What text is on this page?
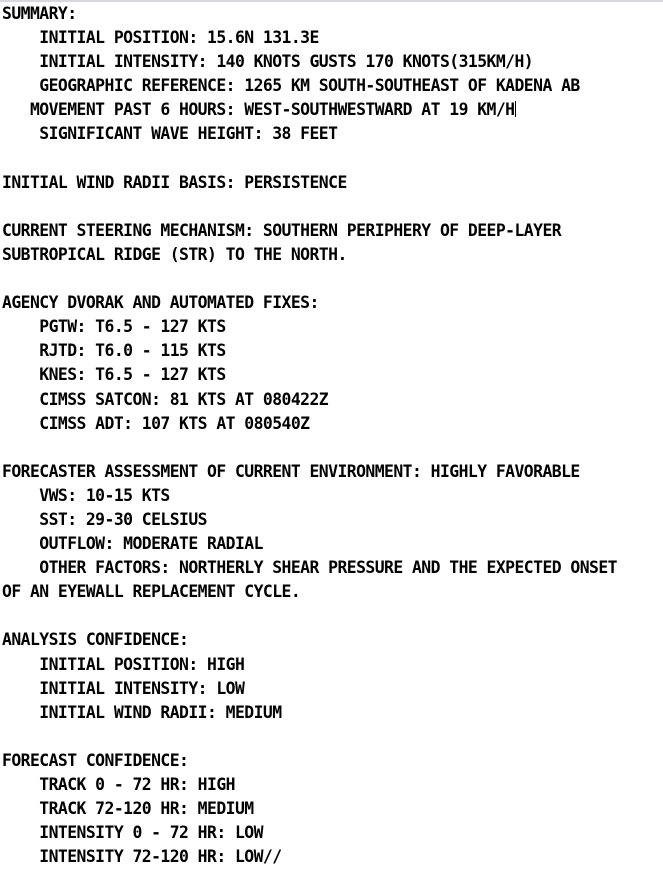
SUMMARY:
INITIAL POSITION: 15.6N 131.3E
INITIAL INTENSITY: 140 KNOTS GUSTS 170 KNOTS(315KM/H)
GEOGRAPHIC REFERENCE: 1265 KM SOUTH-SOUTHEAST OF KADENA AB
MOVEMENT PAST 6 HOURS: WEST-SOUTHWESTWARD AT 19 KM/H
SIGNIFICANT WAVE HEIGHT: 38 FEET
INITIAL WIND RADII BASIS: PERSISTENCE
CURRENT STEERING MECHANISM: SOUTHERN PERIPHERY OF DEEP-LAYER
SUBTROPICAL RIDGE (STR) TO THE NORTH.
AGENCY DVORAK AND AUTOMATED FIXES:
PGTW: T6.5 - 127 KTS
RJTD: T6.0 - 115 KTS
KNES: T6.5 - 127 KTS
CIMSS SATCON: 81 KTS AT 080422Z
CIMSS ADT: 107 KTS AT 080540Z
FORECASTER ASSESSMENT OF CURRENT ENVIRONMENT: HIGHLY FAVORABLE
VWS: 10-15 KTS
SST: 29-30 CELSIUS
OUTFLOW: MODERATE RADIAL
OTHER FACTORS: NORTHERLY SHEAR PRESSURE AND THE EXPECTED ONSET
OF AN EYEWALL REPLACEMENT CYCLE.
ANALYSIS CONFIDENCE:
INITIAL POSITION: HIGH
INITIAL INTENSITY: LOW
INITIAL WIND RADII: MEDIUM
FORECAST CONFIDENCE:
TRACK 0 - 72 HR: HIGH
TRACK 72-120 HR: MEDIUM
INTENSITY 0 - 72 HR: LOW
INTENSITY 72-120 HR: LOW//
